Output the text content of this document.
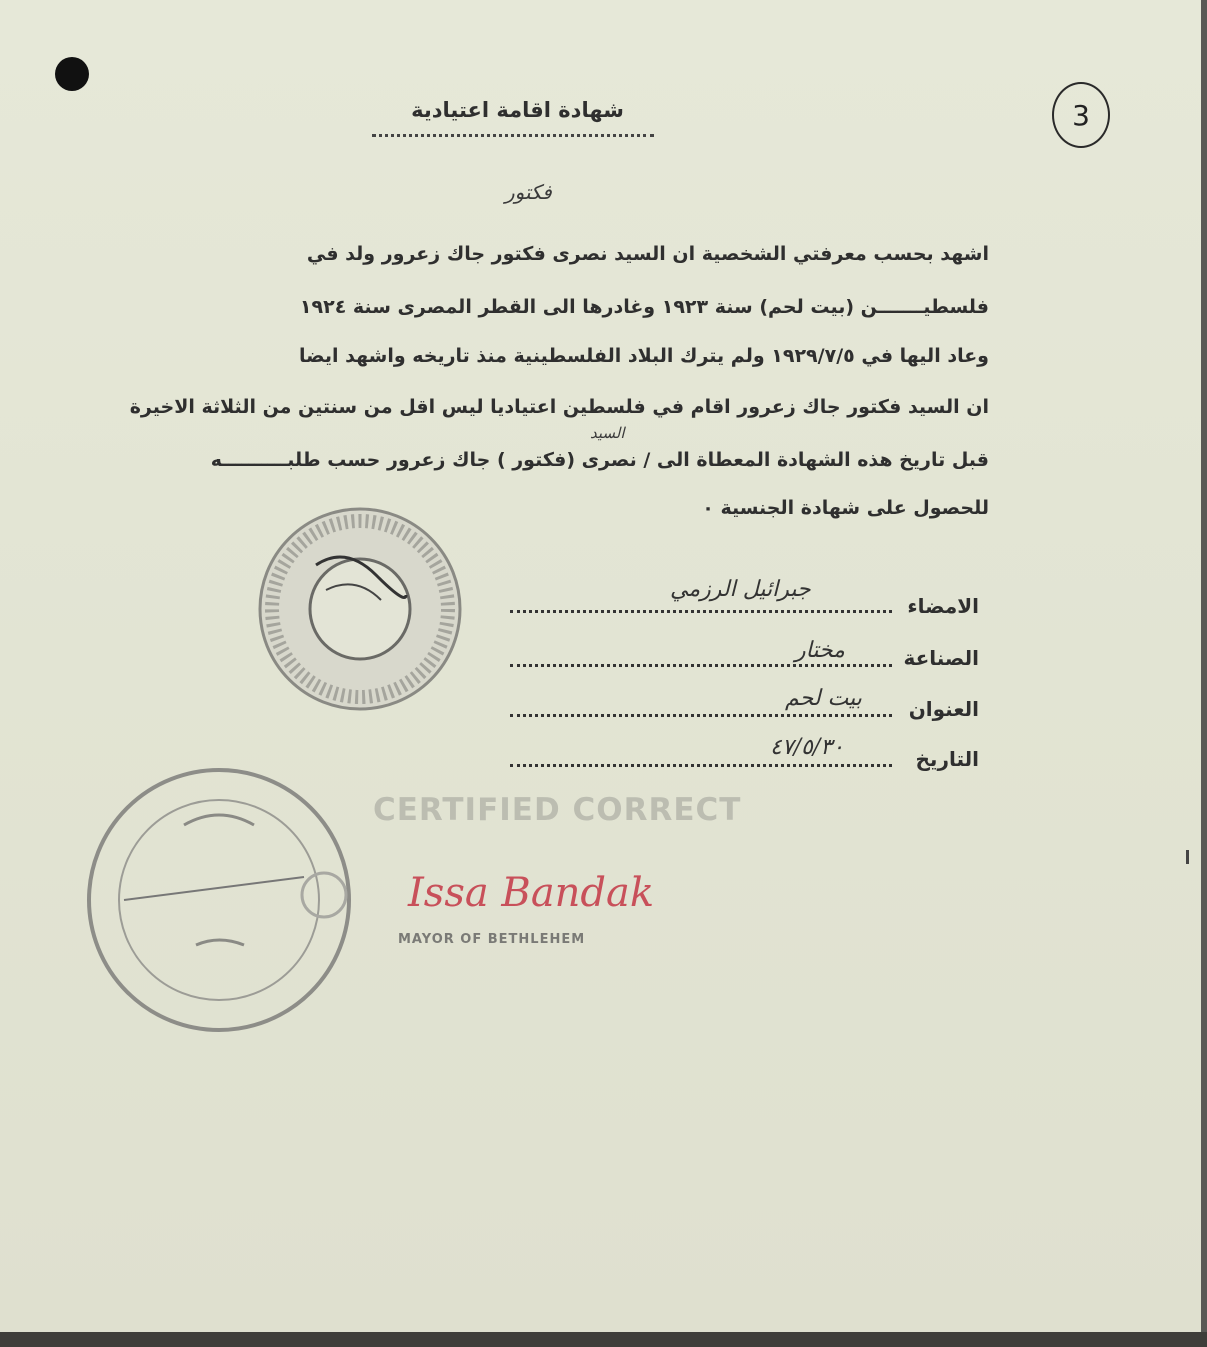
3
شهادة اقامة اعتيادية
فكتور
اشهد بحسب معرفتي الشخصية ان السيد نصرى فكتور جاك زعرور ولد في
فلسطيـــــــن (بيت لحم) سنة ١٩٢٣ وغادرها الى القطر المصرى سنة ١٩٢٤
وعاد اليها في ١٩٢٩/٧/٥ ولم يترك البلاد الفلسطينية منذ تاريخه واشهد ايضا
ان السيد فكتور جاك زعرور اقام في فلسطين اعتياديا ليس اقل من سنتين من الثلاثة الاخيرة
السيد
قبل تاريخ هذه الشهادة المعطاة الى / نصرى (فكتور ) جاك زعرور حسب طلبــــــــــه
للحصول على شهادة الجنسية ٠
الامضاء
جبرائيل الرزمي
الصناعة
مختار
العنوان
بيت لحم
التاريخ
٤٧/٥/٣٠
CERTIFIED CORRECT
Issa Bandak
MAYOR OF BETHLEHEM
